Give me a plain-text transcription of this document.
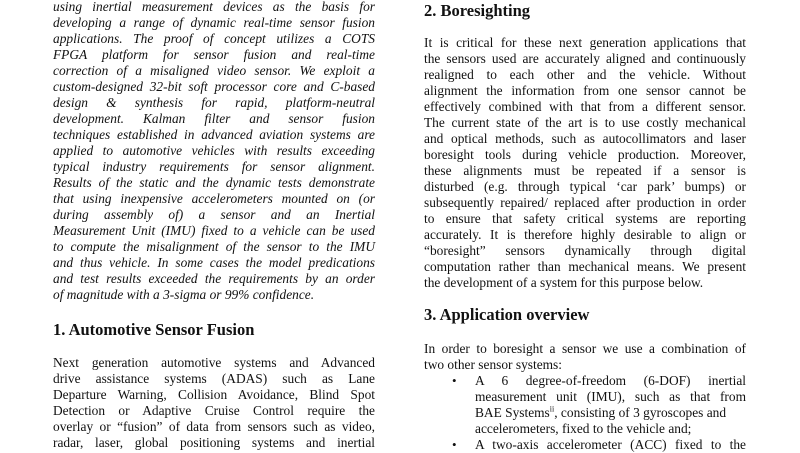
using inertial measurement devices as the basis for
developing a range of dynamic real-time sensor fusion
applications. The proof of concept utilizes a COTS
FPGA platform for sensor fusion and real-time
correction of a misaligned video sensor. We exploit a
custom-designed 32-bit soft processor core and C-based
design & synthesis for rapid, platform-neutral
development. Kalman filter and sensor fusion
techniques established in advanced aviation systems are
applied to automotive vehicles with results exceeding
typical industry requirements for sensor alignment.
Results of the static and the dynamic tests demonstrate
that using inexpensive accelerometers mounted on (or
during assembly of) a sensor and an Inertial
Measurement Unit (IMU) fixed to a vehicle can be used
to compute the misalignment of the sensor to the IMU
and thus vehicle. In some cases the model predications
and test results exceeded the requirements by an order
of magnitude with a 3-sigma or 99% confidence.
1. Automotive Sensor Fusion
Next generation automotive systems and Advanced
drive assistance systems (ADAS) such as Lane
Departure Warning, Collision Avoidance, Blind Spot
Detection or Adaptive Cruise Control require the
overlay or “fusion” of data from sensors such as video,
radar, laser, global positioning systems and inertial
2. Boresighting
It is critical for these next generation applications that
the sensors used are accurately aligned and continuously
realigned to each other and the vehicle. Without
alignment the information from one sensor cannot be
effectively combined with that from a different sensor.
The current state of the art is to use costly mechanical
and optical methods, such as autocollimators and laser
boresight tools during vehicle production. Moreover,
these alignments must be repeated if a sensor is
disturbed (e.g. through typical ‘car park’ bumps) or
subsequently repaired/ replaced after production in order
to ensure that safety critical systems are reporting
accurately. It is therefore highly desirable to align or
“boresight” sensors dynamically through digital
computation rather than mechanical means. We present
the development of a system for this purpose below.
3. Application overview
In order to boresight a sensor we use a combination of
two other sensor systems:
• A 6 degree-of-freedom (6-DOF) inertial
measurement unit (IMU), such as that from
BAE Systems$^{ii}$, consisting of 3 gyroscopes and
accelerometers, fixed to the vehicle and;
• A two-axis accelerometer (ACC) fixed to the
